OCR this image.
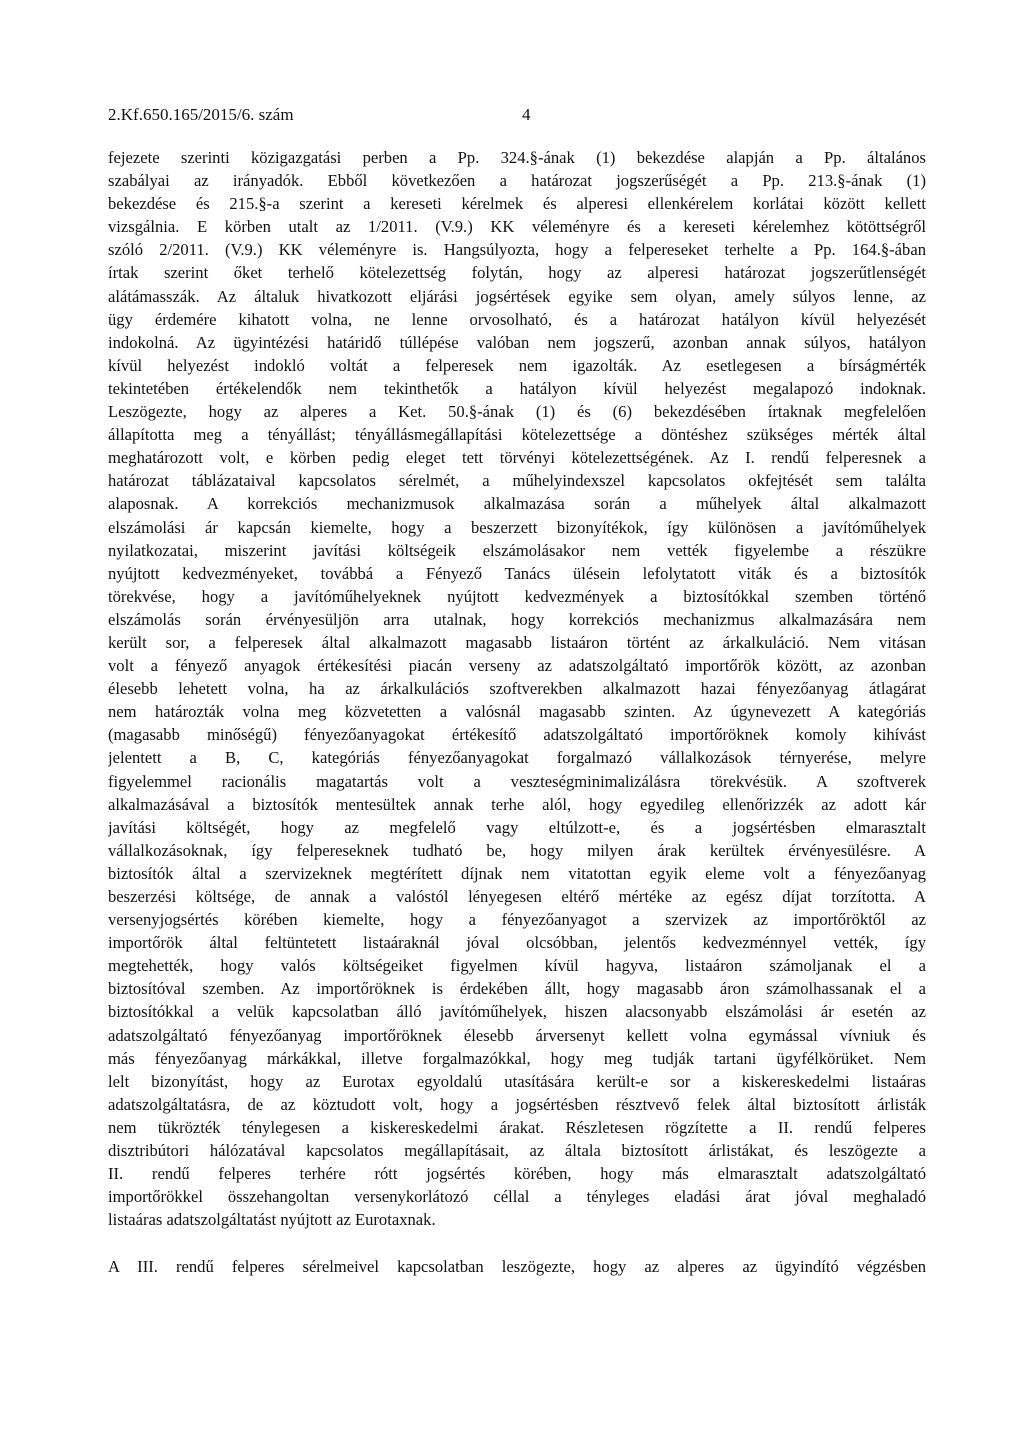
2.Kf.650.165/2015/6. szám	4
fejezete szerinti közigazgatási perben a Pp. 324.§-ának (1) bekezdése alapján a Pp. általános
szabályai az irányadók. Ebből következően a határozat jogszerűségét a Pp. 213.§-ának (1)
bekezdése és 215.§-a szerint a kereseti kérelmek és alperesi ellenkérelem korlátai között kellett
vizsgálnia. E körben utalt az 1/2011. (V.9.) KK véleményre és a kereseti kérelemhez kötöttségről
szóló 2/2011. (V.9.) KK véleményre is. Hangsúlyozta, hogy a felpereseket terhelte a Pp. 164.§-ában
írtak szerint őket terhelő kötelezettség folytán, hogy az alperesi határozat jogszerűtlenségét
alátámasszák. Az általuk hivatkozott eljárási jogsértések egyike sem olyan, amely súlyos lenne, az
ügy érdemére kihatott volna, ne lenne orvosolható, és a határozat hatályon kívül helyezését
indokolná. Az ügyintézési határidő túllépése valóban nem jogszerű, azonban annak súlyos, hatályon
kívül helyezést indokló voltát a felperesek nem igazolták. Az esetlegesen a bírságmérték
tekintetében értékelendők nem tekinthetők a hatályon kívül helyezést megalapozó indoknak.
Leszögezte, hogy az alperes a Ket. 50.§-ának (1) és (6) bekezdésében írtaknak megfelelően
állapította meg a tényállást; tényállásmegállapítási kötelezettsége a döntéshez szükséges mérték által
meghatározott volt, e körben pedig eleget tett törvényi kötelezettségének. Az I. rendű felperesnek a
határozat táblázataival kapcsolatos sérelmét, a műhelyindexszel kapcsolatos okfejtését sem találta
alaposnak. A korrekciós mechanizmusok alkalmazása során a műhelyek által alkalmazott
elszámolási ár kapcsán kiemelte, hogy a beszerzett bizonyítékok, így különösen a javítóműhelyek
nyilatkozatai, miszerint javítási költségeik elszámolásakor nem vették figyelembe a részükre
nyújtott kedvezményeket, továbbá a Fényező Tanács ülésein lefolytatott viták és a biztosítók
törekvése, hogy a javítóműhelyeknek nyújtott kedvezmények a biztosítókkal szemben történő
elszámolás során érvényesüljön arra utalnak, hogy korrekciós mechanizmus alkalmazására nem
került sor, a felperesek által alkalmazott magasabb listaáron történt az árkalkuláció. Nem vitásan
volt a fényező anyagok értékesítési piacán verseny az adatszolgáltató importőrök között, az azonban
élesebb lehetett volna, ha az árkalkulációs szoftverekben alkalmazott hazai fényezőanyag átlagárat
nem határozták volna meg közvetetten a valósnál magasabb szinten. Az úgynevezett A kategóriás
(magasabb minőségű) fényezőanyagokat értékesítő adatszolgáltató importőröknek komoly kihívást
jelentett a B, C, kategóriás fényezőanyagokat forgalmazó vállalkozások térnyerése, melyre
figyelemmel racionális magatartás volt a veszteségminimalizálásra törekvésük. A szoftverek
alkalmazásával a biztosítók mentesültek annak terhe alól, hogy egyedileg ellenőrizzék az adott kár
javítási költségét, hogy az megfelelő vagy eltúlzott-e, és a jogsértésben elmarasztalt
vállalkozásoknak, így felpereseknek tudható be, hogy milyen árak kerültek érvényesülésre. A
biztosítók által a szervizeknek megtérített díjnak nem vitatottan egyik eleme volt a fényezőanyag
beszerzési költsége, de annak a valóstól lényegesen eltérő mértéke az egész díjat torzította. A
versenyjogsértés körében kiemelte, hogy a fényezőanyagot a szervizek az importőröktől az
importőrök által feltüntetett listaáraknál jóval olcsóbban, jelentős kedvezménnyel vették, így
megtehették, hogy valós költségeiket figyelmen kívül hagyva, listaáron számoljanak el a
biztosítóval szemben. Az importőröknek is érdekében állt, hogy magasabb áron számolhassanak el a
biztosítókkal a velük kapcsolatban álló javítóműhelyek, hiszen alacsonyabb elszámolási ár esetén az
adatszolgáltató fényezőanyag importőröknek élesebb árversenyt kellett volna egymással vívniuk és
más fényezőanyag márkákkal, illetve forgalmazókkal, hogy meg tudják tartani ügyfélkörüket. Nem
lelt bizonyítást, hogy az Eurotax egyoldalú utasítására került-e sor a kiskereskedelmi listaáras
adatszolgáltatásra, de az köztudott volt, hogy a jogsértésben résztvevő felek által biztosított árlisták
nem tükrözték ténylegesen a kiskereskedelmi árakat. Részletesen rögzítette a II. rendű felperes
disztribútori hálózatával kapcsolatos megállapításait, az általa biztosított árlistákat, és leszögezte a
II. rendű felperes terhére rótt jogsértés körében, hogy más elmarasztalt adatszolgáltató
importőrökkel összehangoltan versenykorlátozó céllal a tényleges eladási árat jóval meghaladó
listaáras adatszolgáltatást nyújtott az Eurotaxnak.
A III. rendű felperes sérelmeivel kapcsolatban leszögezte, hogy az alperes az ügyindító végzésben
